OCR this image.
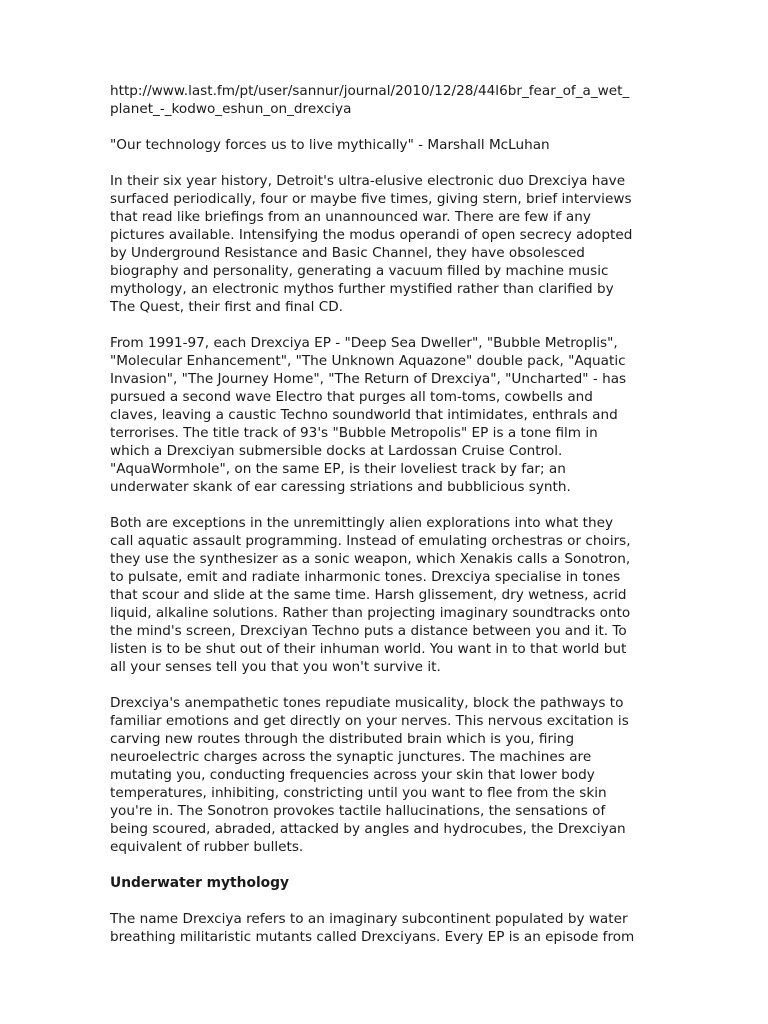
http://www.last.fm/pt/user/sannur/journal/2010/12/28/44l6br_fear_of_a_wet_
planet_-_kodwo_eshun_on_drexciya
"Our technology forces us to live mythically" - Marshall McLuhan
In their six year history, Detroit's ultra-elusive electronic duo Drexciya have
surfaced periodically, four or maybe five times, giving stern, brief interviews
that read like briefings from an unannounced war. There are few if any
pictures available. Intensifying the modus operandi of open secrecy adopted
by Underground Resistance and Basic Channel, they have obsolesced
biography and personality, generating a vacuum filled by machine music
mythology, an electronic mythos further mystified rather than clarified by
The Quest, their first and final CD.
From 1991-97, each Drexciya EP - "Deep Sea Dweller", "Bubble Metroplis",
"Molecular Enhancement", "The Unknown Aquazone" double pack, "Aquatic
Invasion", "The Journey Home", "The Return of Drexciya", "Uncharted" - has
pursued a second wave Electro that purges all tom-toms, cowbells and
claves, leaving a caustic Techno soundworld that intimidates, enthrals and
terrorises. The title track of 93's "Bubble Metropolis" EP is a tone film in
which a Drexciyan submersible docks at Lardossan Cruise Control.
"AquaWormhole", on the same EP, is their loveliest track by far; an
underwater skank of ear caressing striations and bubblicious synth.
Both are exceptions in the unremittingly alien explorations into what they
call aquatic assault programming. Instead of emulating orchestras or choirs,
they use the synthesizer as a sonic weapon, which Xenakis calls a Sonotron,
to pulsate, emit and radiate inharmonic tones. Drexciya specialise in tones
that scour and slide at the same time. Harsh glissement, dry wetness, acrid
liquid, alkaline solutions. Rather than projecting imaginary soundtracks onto
the mind's screen, Drexciyan Techno puts a distance between you and it. To
listen is to be shut out of their inhuman world. You want in to that world but
all your senses tell you that you won't survive it.
Drexciya's anempathetic tones repudiate musicality, block the pathways to
familiar emotions and get directly on your nerves. This nervous excitation is
carving new routes through the distributed brain which is you, firing
neuroelectric charges across the synaptic junctures. The machines are
mutating you, conducting frequencies across your skin that lower body
temperatures, inhibiting, constricting until you want to flee from the skin
you're in. The Sonotron provokes tactile hallucinations, the sensations of
being scoured, abraded, attacked by angles and hydrocubes, the Drexciyan
equivalent of rubber bullets.
Underwater mythology
The name Drexciya refers to an imaginary subcontinent populated by water
breathing militaristic mutants called Drexciyans. Every EP is an episode from
